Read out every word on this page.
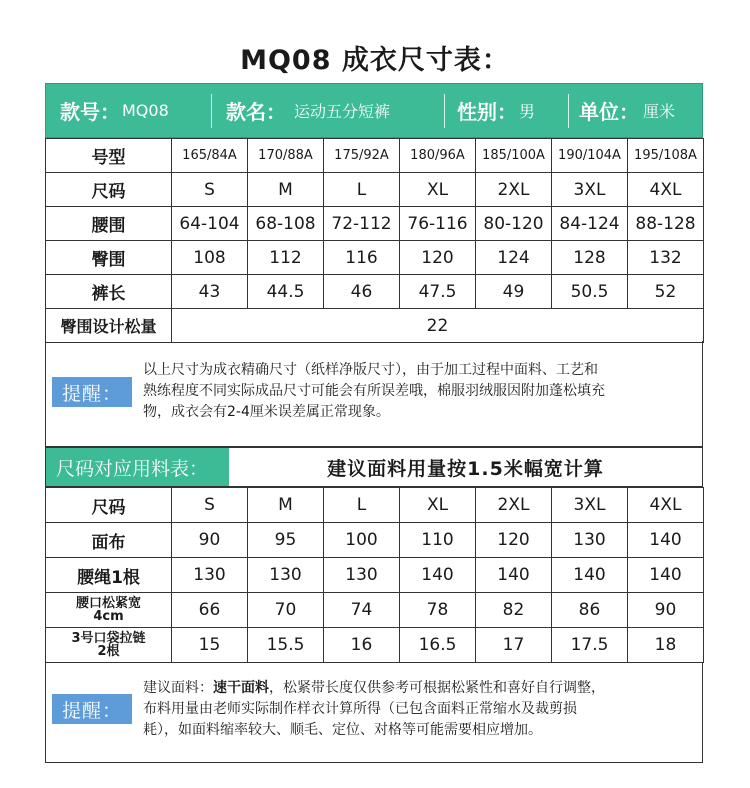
MQ08 成衣尺寸表：
款号： MQ08	款名： 运动五分短裤	性别： 男 单位： 厘米
号型	165/84A	170/88A	175/92A	180/96A	185/100A	190/104A	195/108A
尺码	S	M	L	XL	2XL	3XL	4XL
腰围	64-104	68-108	72-112	76-116	80-120	84-124	88-128
臀围	108	112	116	120	124	128	132
裤长	43	44.5	46	47.5	49	50.5	52
臀围设计松量	22						
提醒：
以上尺寸为成衣精确尺寸（纸样净版尺寸），由于加工过程中面料、工艺和
熟练程度不同实际成品尺寸可能会有所误差哦，棉服羽绒服因附加蓬松填充
物，成衣会有2-4厘米误差属正常现象。
尺码对应用料表：	建议面料用量按1.5米幅宽计算
尺码	S	M	L	XL	2XL	3XL	4XL
面布	90	95	100	110	120	130	140
腰绳1根	130	130	130	140	140	140	140

腰口松紧宽
4cm	66	70	74	78	82	86	90

3号口袋拉链
2根	15	15.5	16	16.5	17	17.5	18
提醒：
建议面料：速干面料，松紧带长度仅供参考可根据松紧性和喜好自行调整，
布料用量由老师实际制作样衣计算所得（已包含面料正常缩水及裁剪损
耗），如面料缩率较大、顺毛、定位、对格等可能需要相应增加。
